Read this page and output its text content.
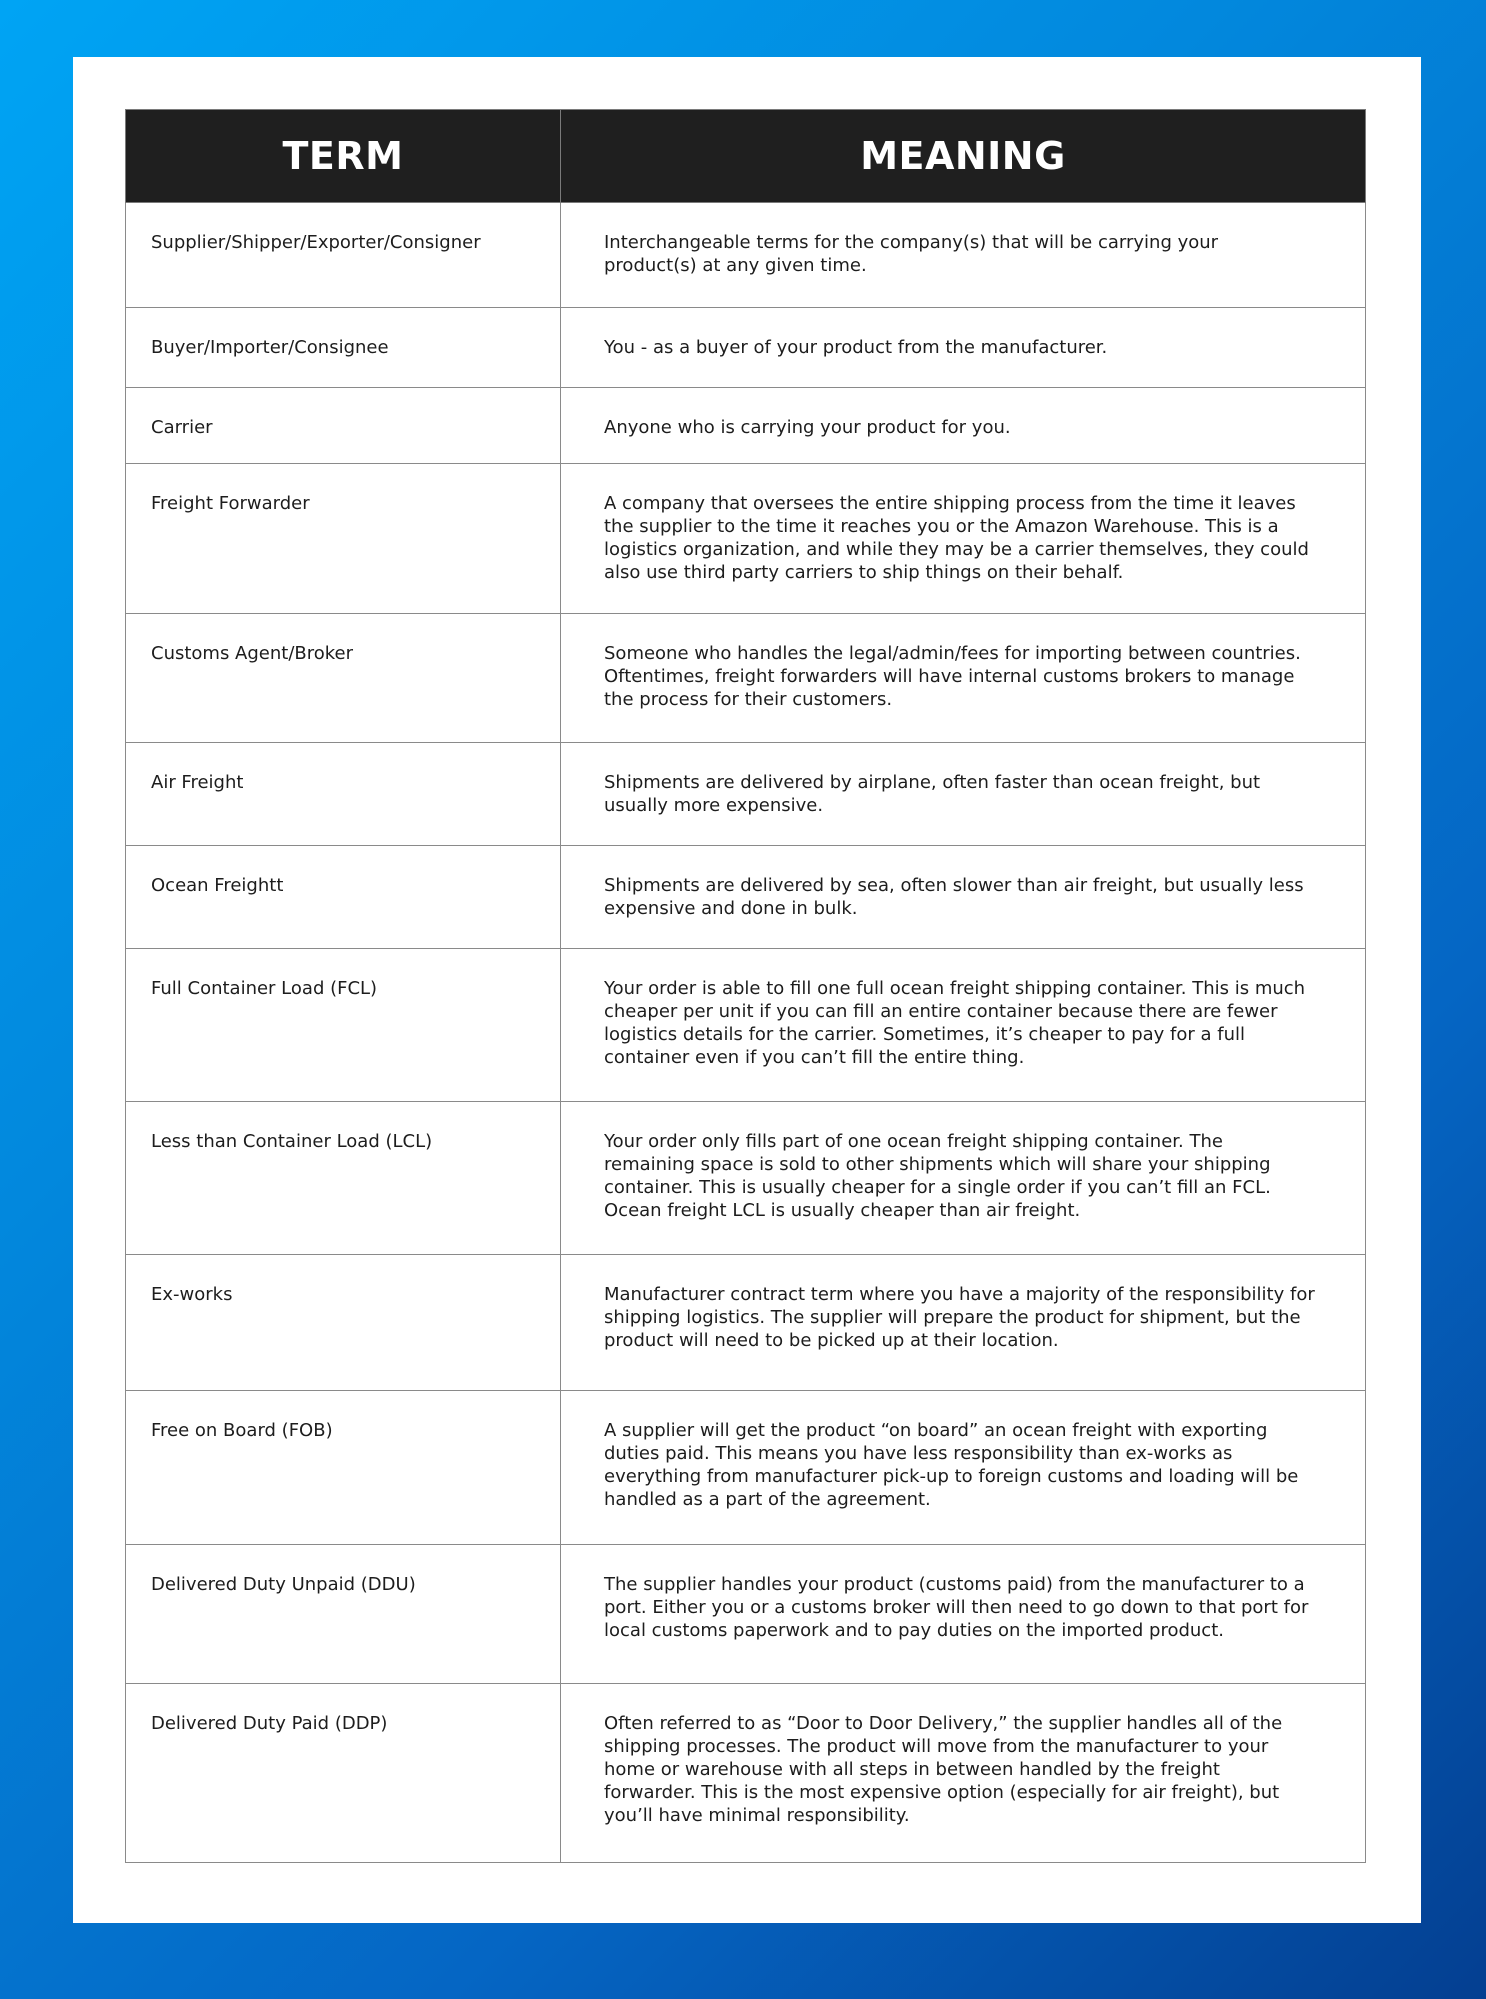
TERM	MEANING
Supplier/Shipper/Exporter/Consigner	Interchangeable terms for the company(s) that will be carrying your product(s) at any given time.
Buyer/Importer/Consignee	You - as a buyer of your product from the manufacturer.
Carrier	Anyone who is carrying your product for you.
Freight Forwarder	A company that oversees the entire shipping process from the time it leaves the supplier to the time it reaches you or the Amazon Warehouse. This is a logistics organization, and while they may be a carrier themselves, they could also use third party carriers to ship things on their behalf.
Customs Agent/Broker	Someone who handles the legal/admin/fees for importing between countries. Oftentimes, freight forwarders will have internal customs brokers to manage the process for their customers.
Air Freight	Shipments are delivered by airplane, often faster than ocean freight, but usually more expensive.
Ocean Freightt	Shipments are delivered by sea, often slower than air freight, but usually less expensive and done in bulk.
Full Container Load (FCL)	Your order is able to fill one full ocean freight shipping container. This is much cheaper per unit if you can fill an entire container because there are fewer logistics details for the carrier. Sometimes, it’s cheaper to pay for a full container even if you can’t fill the entire thing.
Less than Container Load (LCL)	Your order only fills part of one ocean freight shipping container. The remaining space is sold to other shipments which will share your shipping container. This is usually cheaper for a single order if you can’t fill an FCL. Ocean freight LCL is usually cheaper than air freight.
Ex-works	Manufacturer contract term where you have a majority of the responsibility for shipping logistics. The supplier will prepare the product for shipment, but the product will need to be picked up at their location.
Free on Board (FOB)	A supplier will get the product “on board” an ocean freight with exporting duties paid. This means you have less responsibility than ex-works as everything from manufacturer pick-up to foreign customs and loading will be handled as a part of the agreement.
Delivered Duty Unpaid (DDU)	The supplier handles your product (customs paid) from the manufacturer to a port. Either you or a customs broker will then need to go down to that port for local customs paperwork and to pay duties on the imported product.
Delivered Duty Paid (DDP)	Often referred to as “Door to Door Delivery,” the supplier handles all of the shipping processes. The product will move from the manufacturer to your home or warehouse with all steps in between handled by the freight forwarder. This is the most expensive option (especially for air freight), but you’ll have minimal responsibility.
